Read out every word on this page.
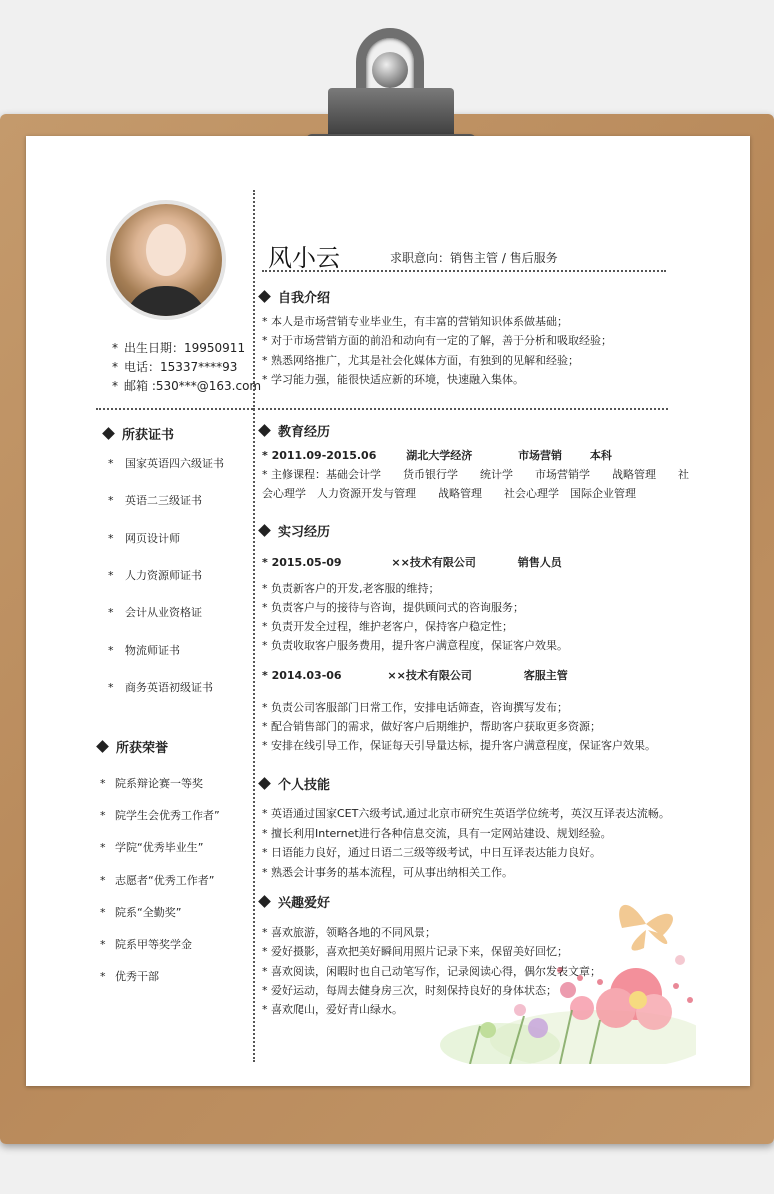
* 出生日期：19950911
* 电话：15337****93
* 邮箱 :530***@163.com
风小云	求职意向：销售主管 / 售后服务
所获证书
* 国家英语四六级证书
* 英语二三级证书
* 网页设计师
* 人力资源师证书
* 会计从业资格证
* 物流师证书
* 商务英语初级证书
所获荣誉
* 院系辩论赛一等奖
* 院学生会优秀工作者”
* 学院“优秀毕业生”
* 志愿者“优秀工作者”
* 院系“全勤奖”
* 院系甲等奖学金
* 优秀干部
自我介绍
* 本人是市场营销专业毕业生，有丰富的营销知识体系做基础；
* 对于市场营销方面的前沿和动向有一定的了解，善于分析和吸取经验；
* 熟悉网络推广，尤其是社会化媒体方面，有独到的见解和经验；
* 学习能力强，能很快适应新的环境，快速融入集体。
教育经历
* 2011.09-2015.06	湖北大学经济	市场营销	本科
* 主修课程：基础会计学　　货币银行学　　统计学　　市场营销学　　战略管理　　社
会心理学　人力资源开发与管理　　战略管理　　社会心理学　国际企业管理
实习经历
* 2015.05-09	××技术有限公司	销售人员
* 负责新客户的开发,老客服的维持；
* 负责客户与的接待与咨询，提供顾问式的咨询服务；
* 负责开发全过程，维护老客户，保持客户稳定性；
* 负责收取客户服务费用，提升客户满意程度，保证客户效果。
* 2014.03-06	××技术有限公司	客服主管
* 负责公司客服部门日常工作，安排电话筛查，咨询撰写发布；
* 配合销售部门的需求，做好客户后期维护，帮助客户获取更多资源；
* 安排在线引导工作，保证每天引导量达标，提升客户满意程度，保证客户效果。
个人技能
* 英语通过国家CET六级考试,通过北京市研究生英语学位统考，英汉互译表达流畅。
* 擅长利用Internet进行各种信息交流，具有一定网站建设、规划经验。
* 日语能力良好，通过日语二三级等级考试，中日互译表达能力良好。
* 熟悉会计事务的基本流程，可从事出纳相关工作。
兴趣爱好
* 喜欢旅游，领略各地的不同风景；
* 爱好摄影，喜欢把美好瞬间用照片记录下来，保留美好回忆；
* 喜欢阅读，闲暇时也自己动笔写作，记录阅读心得，偶尔发表文章；
* 爱好运动，每周去健身房三次，时刻保持良好的身体状态；
* 喜欢爬山，爱好青山绿水。
